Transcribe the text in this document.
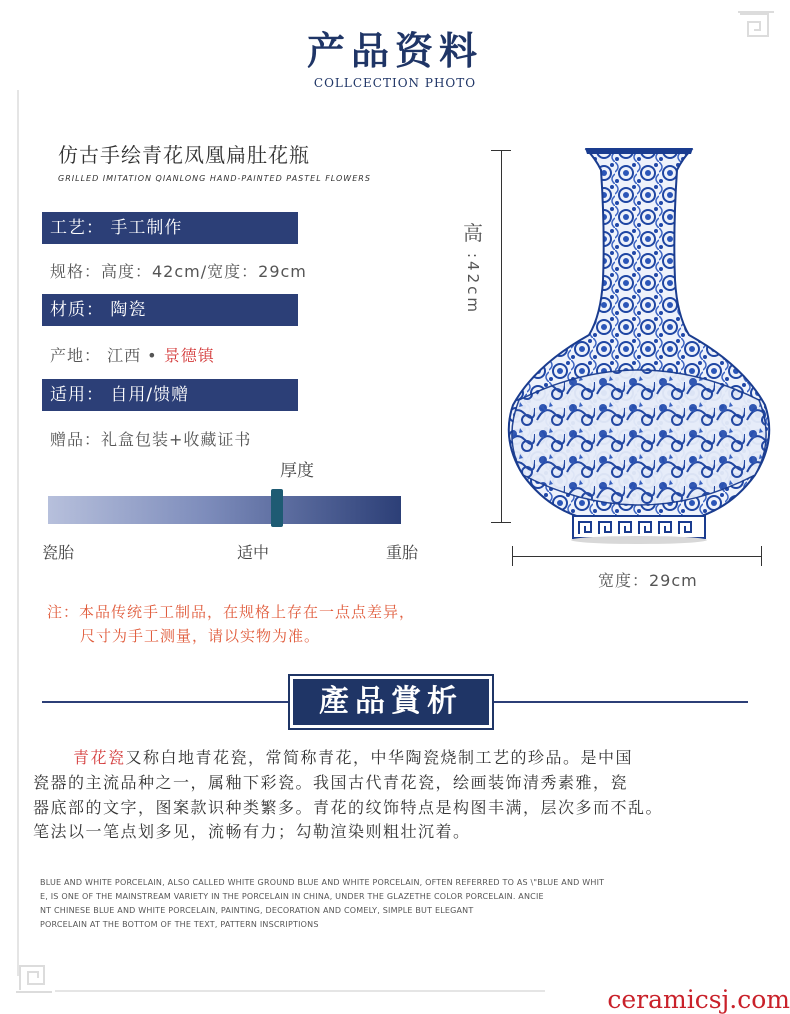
产品资料
COLLCECTION PHOTO
仿古手绘青花凤凰扁肚花瓶
GRILLED IMITATION QIANLONG HAND-PAINTED PASTEL FLOWERS
工艺： 手工制作
规格：高度：42cm/宽度：29cm
材质： 陶瓷
产地： 江西 • 景德镇
适用： 自用/馈赠
赠品：礼盒包装+收藏证书
厚度
瓷胎	适中	重胎
注：本品传统手工制品，在规格上存在一点点差异，
尺寸为手工测量，请以实物为准。
產品賞析
青花瓷又称白地青花瓷，常简称青花，中华陶瓷烧制工艺的珍品。是中国
瓷器的主流品种之一，属釉下彩瓷。我国古代青花瓷，绘画装饰清秀素雅，瓷
器底部的文字，图案款识种类繁多。青花的纹饰特点是构图丰满，层次多而不乱。
笔法以一笔点划多见，流畅有力；勾勒渲染则粗壮沉着。
BLUE AND WHITE PORCELAIN, ALSO CALLED WHITE GROUND BLUE AND WHITE PORCELAIN, OFTEN REFERRED TO AS \"BLUE AND WHIT
E, IS ONE OF THE MAINSTREAM VARIETY IN THE PORCELAIN IN CHINA, UNDER THE GLAZETHE COLOR PORCELAIN. ANCIE
NT CHINESE BLUE AND WHITE PORCELAIN, PAINTING, DECORATION AND COMELY, SIMPLE BUT ELEGANT
PORCELAIN AT THE BOTTOM OF THE TEXT, PATTERN INSCRIPTIONS
高
:42cm
宽度：29cm
ceramicsj.com
